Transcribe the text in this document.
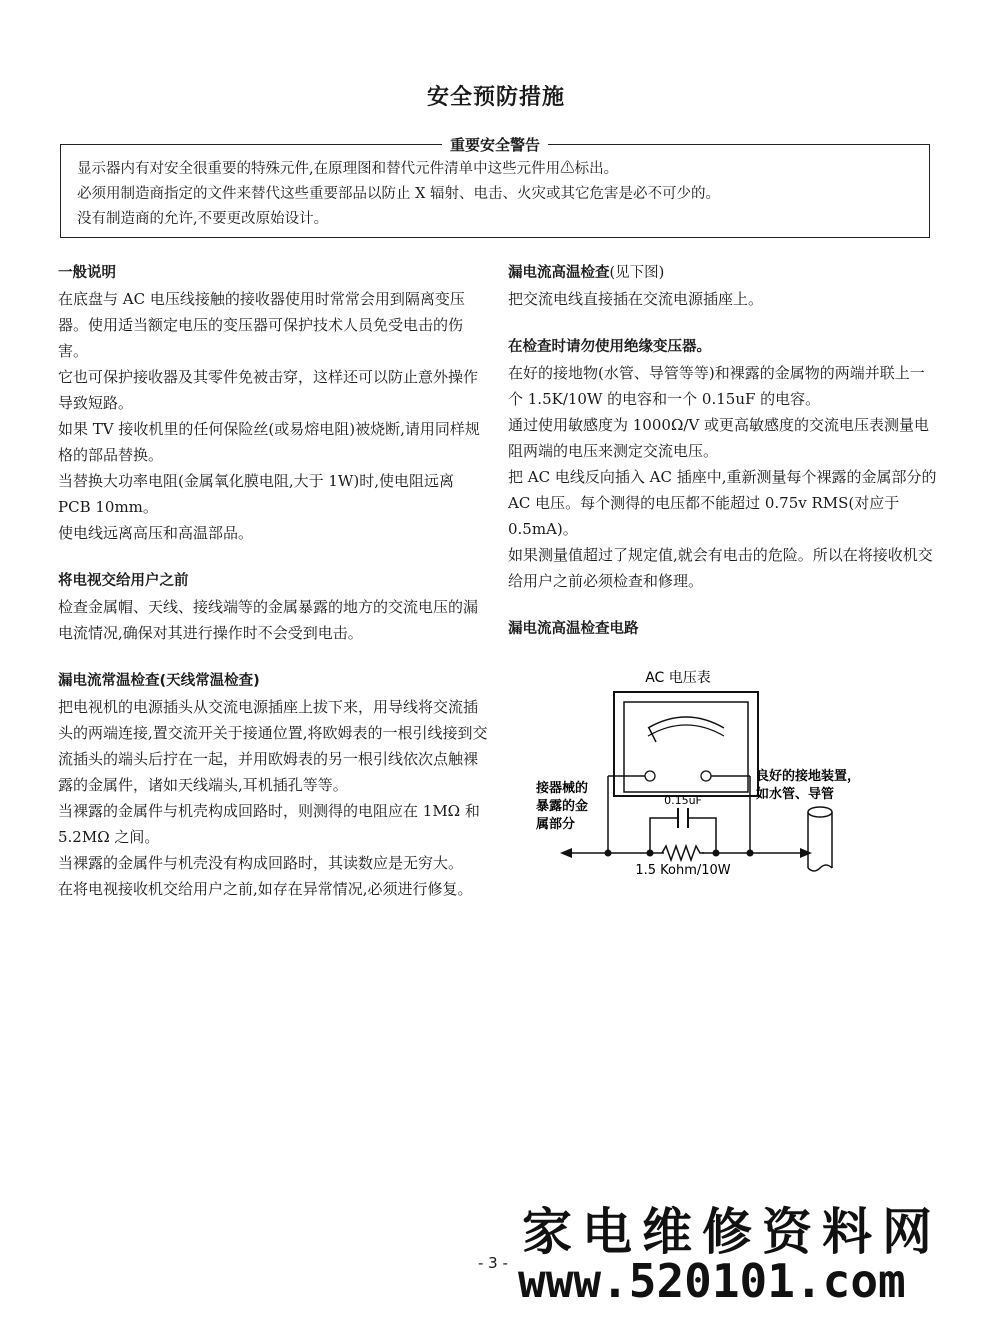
安全预防措施
重要安全警告

显示器内有对安全很重要的特殊元件,在原理图和替代元件清单中这些元件用⚠标出。

必须用制造商指定的文件来替代这些重要部品以防止 X 辐射、电击、火灾或其它危害是必不可少的。

没有制造商的允许,不要更改原始设计。

一般说明

在底盘与 AC 电压线接触的接收器使用时常常会用到隔离变压器。使用适当额定电压的变压器可保护技术人员免受电击的伤害。

它也可保护接收器及其零件免被击穿，这样还可以防止意外操作导致短路。

如果 TV 接收机里的任何保险丝(或易熔电阻)被烧断,请用同样规格的部品替换。

当替换大功率电阻(金属氧化膜电阻,大于 1W)时,使电阻远离 PCB 10mm。

使电线远离高压和高温部品。

将电视交给用户之前

检查金属帽、天线、接线端等的金属暴露的地方的交流电压的漏电流情况,确保对其进行操作时不会受到电击。

漏电流常温检查(天线常温检查)

把电视机的电源插头从交流电源插座上拔下来，用导线将交流插头的两端连接,置交流开关于接通位置,将欧姆表的一根引线接到交流插头的端头后拧在一起，并用欧姆表的另一根引线依次点触裸露的金属件，诸如天线端头,耳机插孔等等。

当裸露的金属件与机壳构成回路时，则测得的电阻应在 1MΩ 和 5.2MΩ 之间。

当裸露的金属件与机壳没有构成回路时，其读数应是无穷大。

在将电视接收机交给用户之前,如存在异常情况,必须进行修复。

漏电流高温检查(见下图)

把交流电线直接插在交流电源插座上。

在检查时请勿使用绝缘变压器。

在好的接地物(水管、导管等等)和裸露的金属物的两端并联上一个 1.5K/10W 的电容和一个 0.15uF 的电容。

通过使用敏感度为 1000Ω/V 或更高敏感度的交流电压表测量电阻两端的电压来测定交流电压。

把 AC 电线反向插入 AC 插座中,重新测量每个裸露的金属部分的 AC 电压。每个测得的电压都不能超过 0.75v RMS(对应于 0.5mA)。

如果测量值超过了规定值,就会有电击的危险。所以在将接收机交给用户之前必须检查和修理。

漏电流高温检查电路

AC 电压表
0.15uF
1.5 Kohm/10W
接器械的
暴露的金
属部分
良好的接地装置，
如水管、导管
- 3 -
家电维修资料网
www.520101.com
